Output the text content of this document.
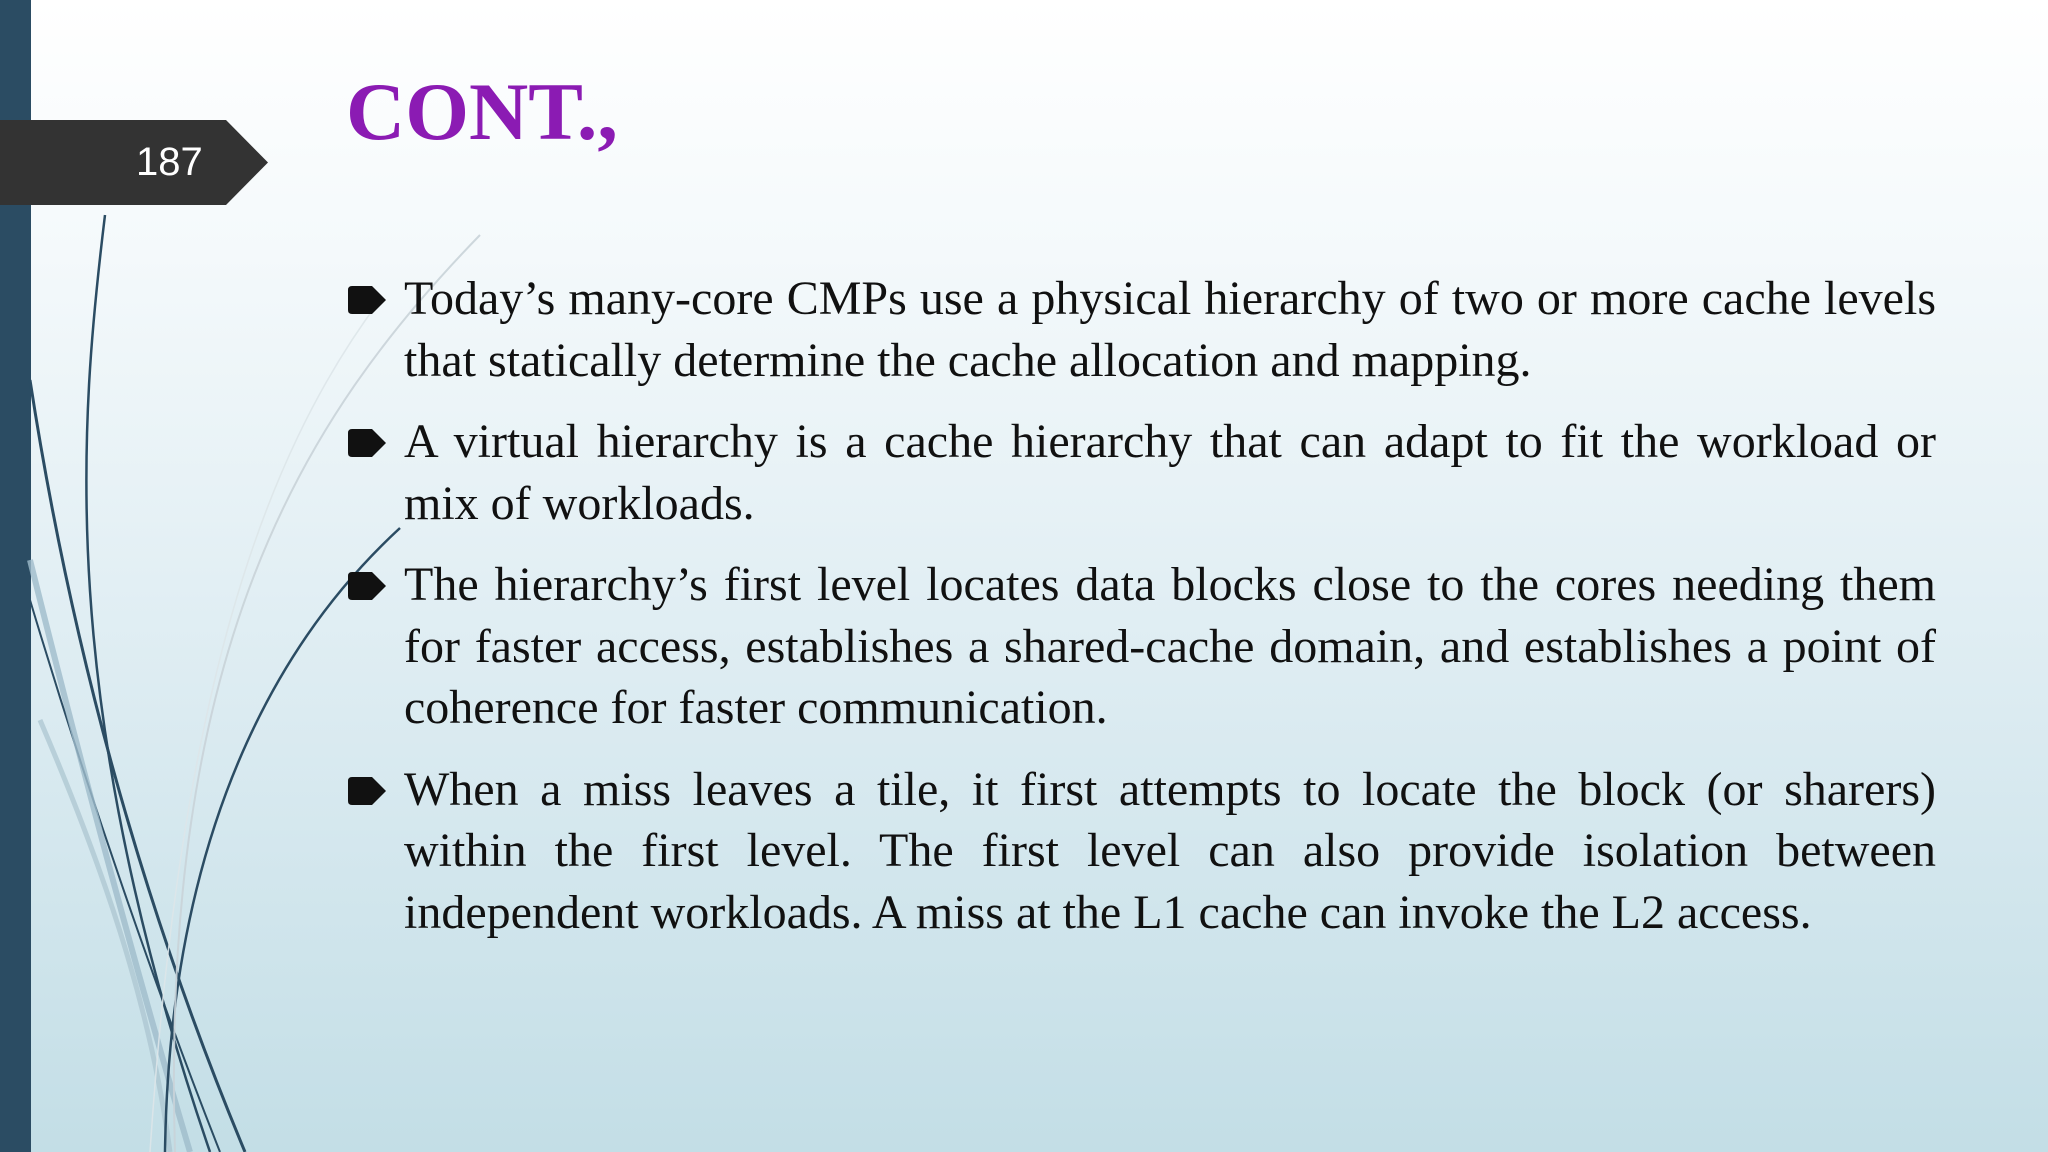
187
CONT.,
Today’s many-core CMPs use a physical hierarchy of two or more cache levels that statically determine the cache allocation and mapping.
A virtual hierarchy is a cache hierarchy that can adapt to fit the workload or mix of workloads.
The hierarchy’s first level locates data blocks close to the cores needing them for faster access, establishes a shared-cache domain, and establishes a point of coherence for faster communication.
When a miss leaves a tile, it first attempts to locate the block (or sharers) within the first level. The first level can also provide isolation between independent workloads. A miss at the L1 cache can invoke the L2 access.
